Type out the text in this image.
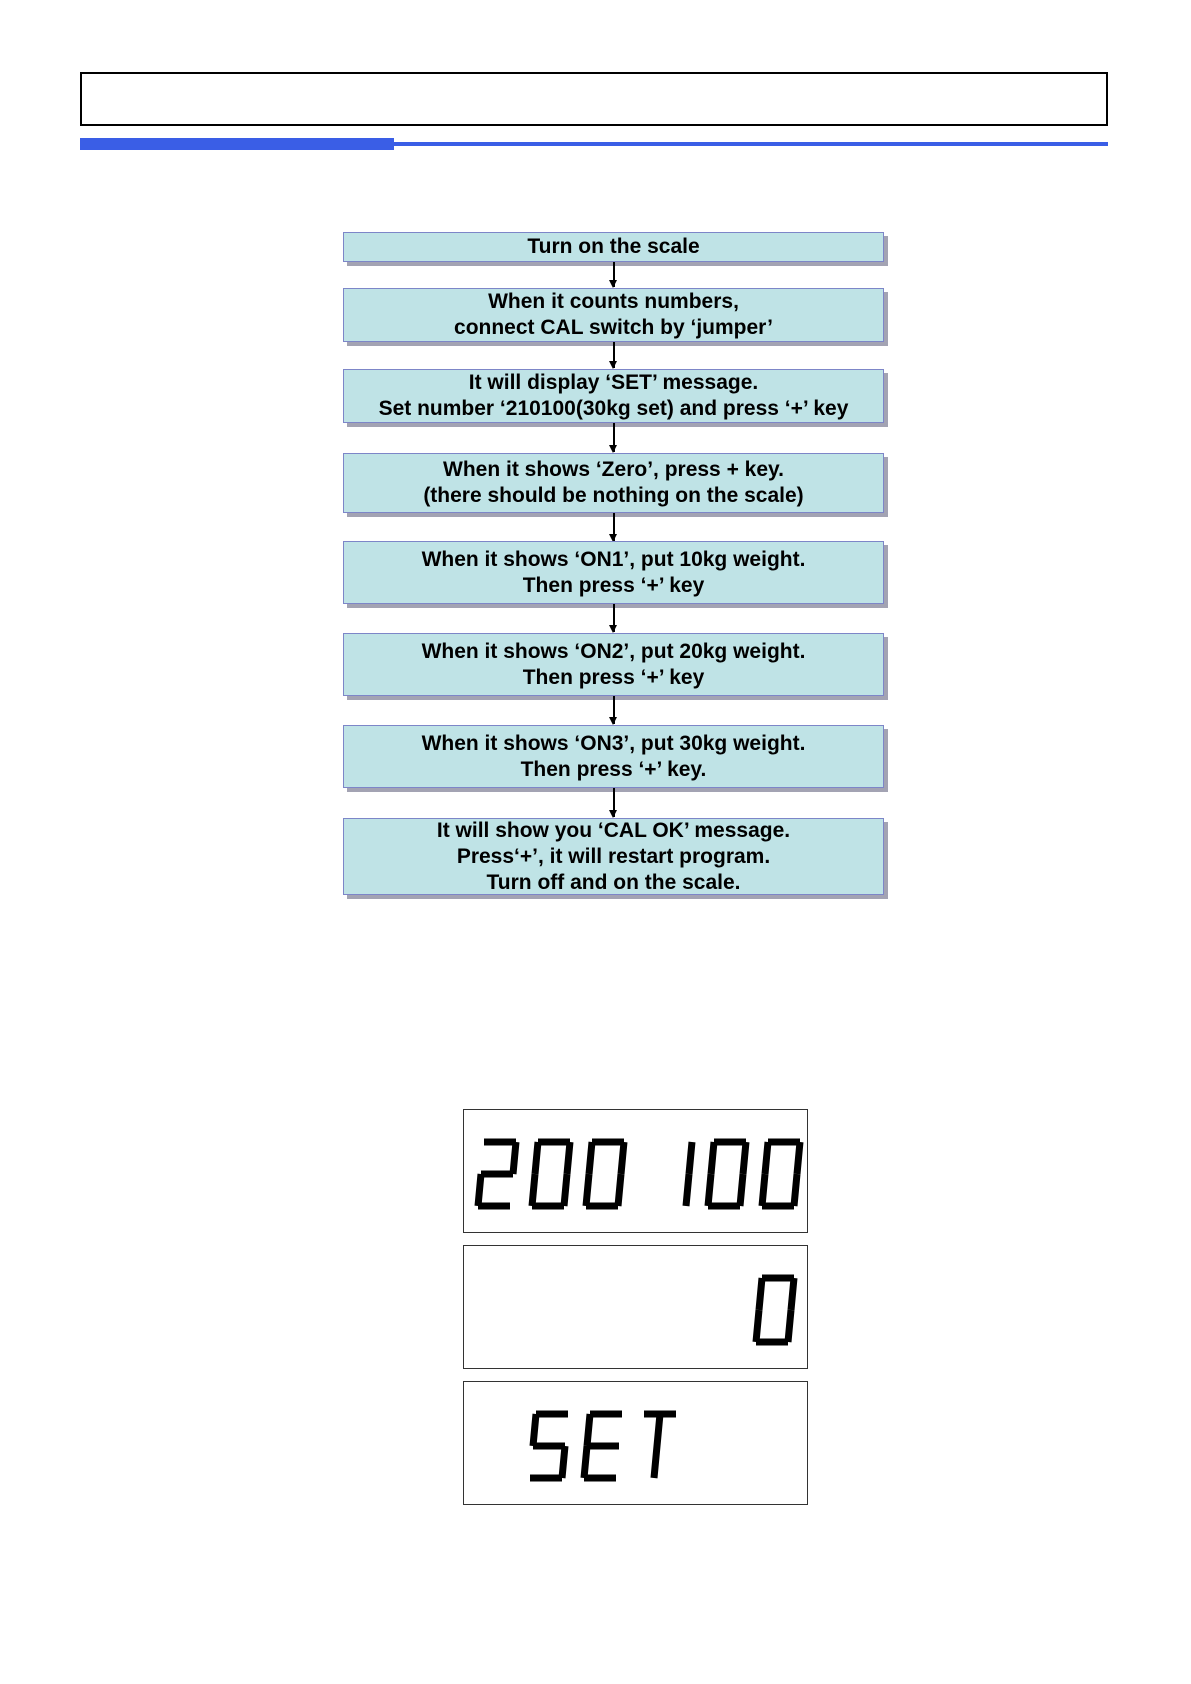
Turn on the scale
When it counts numbers,
connect CAL switch by ‘jumper’
It will display ‘SET’ message.
Set number ‘210100(30kg set) and press ‘+’ key
When it shows ‘Zero’, press + key.
(there should be nothing on the scale)
When it shows ‘ON1’, put 10kg weight.
Then press ‘+’ key
When it shows ‘ON2’, put 20kg weight.
Then press ‘+’ key
When it shows ‘ON3’, put 30kg weight.
Then press ‘+’ key.
It will show you ‘CAL OK’ message.
Press‘+’, it will restart program.
Turn off and on the scale.
